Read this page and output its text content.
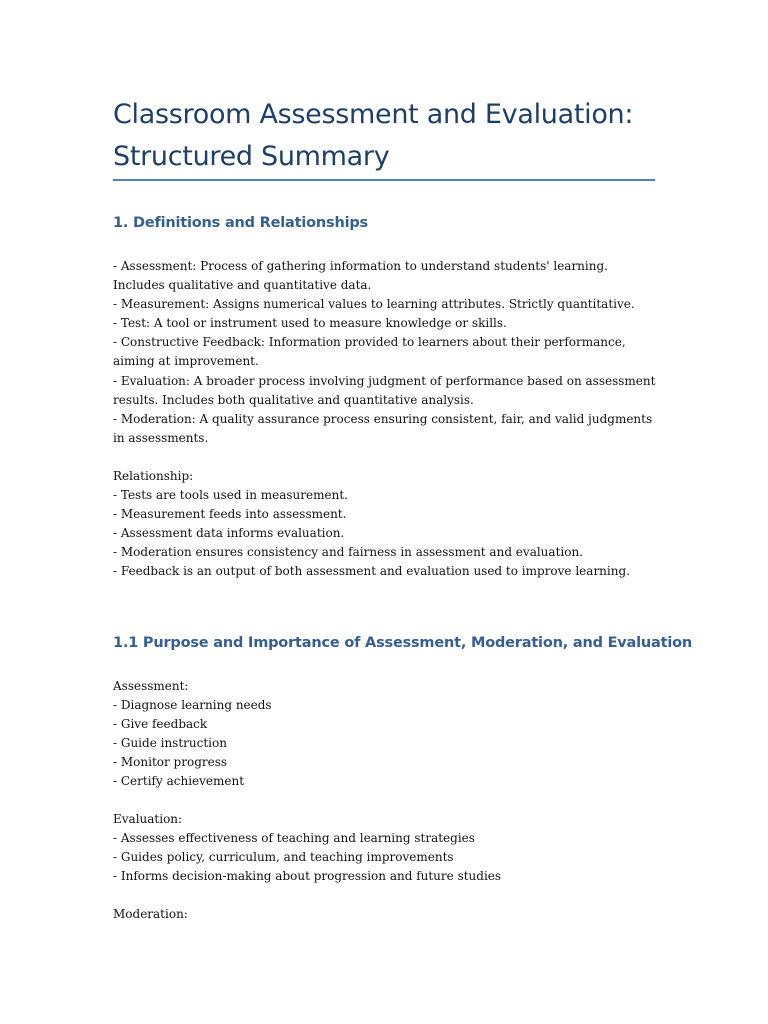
Classroom Assessment and Evaluation:
Structured Summary
1. Definitions and Relationships
- Assessment: Process of gathering information to understand students' learning. Includes qualitative and quantitative data.
- Measurement: Assigns numerical values to learning attributes. Strictly quantitative.
- Test: A tool or instrument used to measure knowledge or skills.
- Constructive Feedback: Information provided to learners about their performance, aiming at improvement.
- Evaluation: A broader process involving judgment of performance based on assessment results. Includes both qualitative and quantitative analysis.
- Moderation: A quality assurance process ensuring consistent, fair, and valid judgments in assessments.

Relationship:

- Tests are tools used in measurement.
- Measurement feeds into assessment.
- Assessment data informs evaluation.
- Moderation ensures consistency and fairness in assessment and evaluation.
- Feedback is an output of both assessment and evaluation used to improve learning.
1.1 Purpose and Importance of Assessment, Moderation, and Evaluation

Assessment:

- Diagnose learning needs
- Give feedback
- Guide instruction
- Monitor progress
- Certify achievement

Evaluation:

- Assesses effectiveness of teaching and learning strategies
- Guides policy, curriculum, and teaching improvements
- Informs decision-making about progression and future studies

Moderation:
